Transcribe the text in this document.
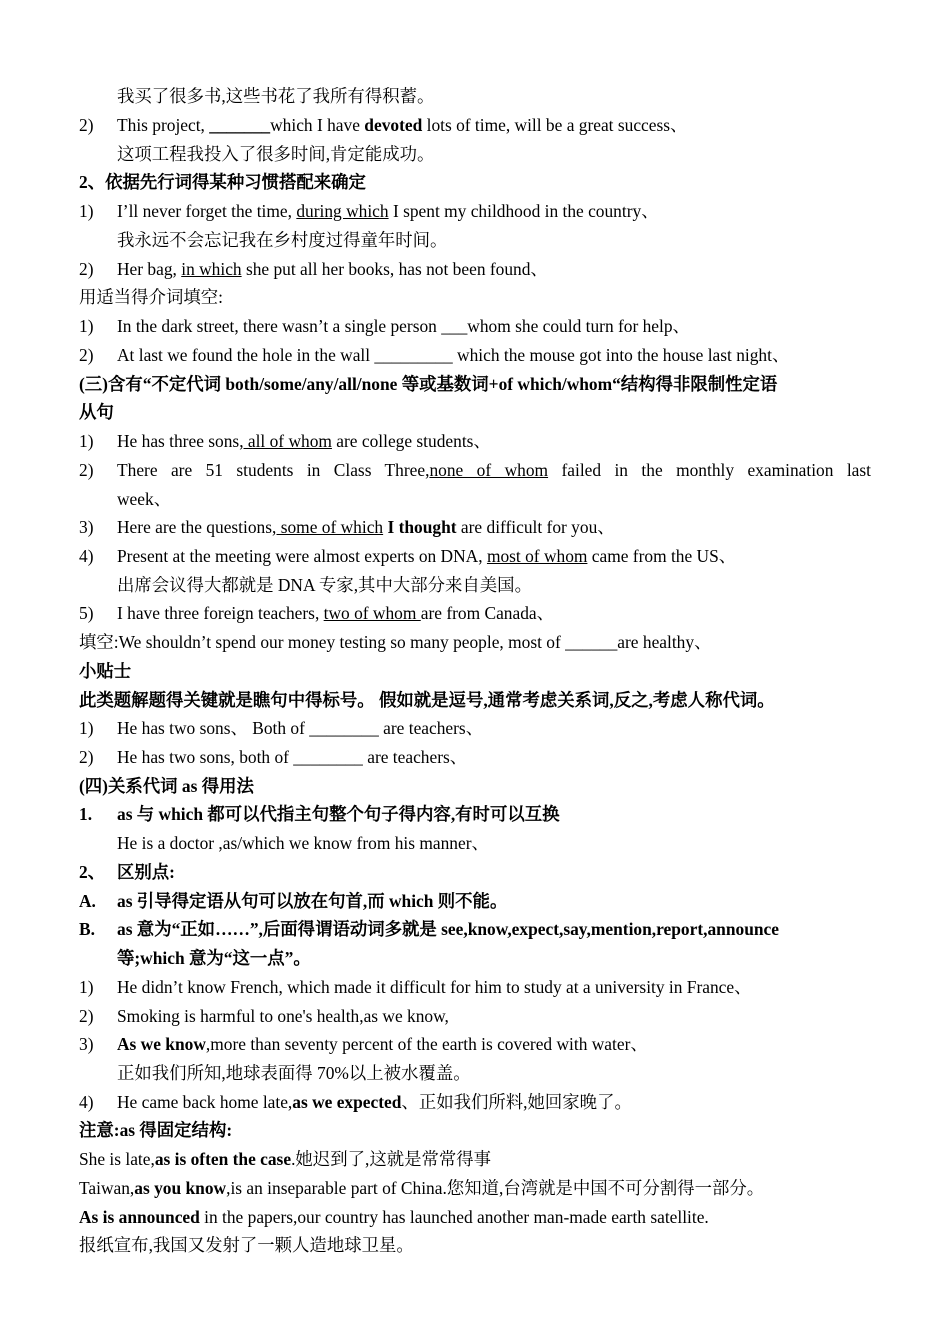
我买了很多书,这些书花了我所有得积蓄。
2)	This project, _______which I have devoted lots of time, will be a great success、
这项工程我投入了很多时间,肯定能成功。
2、依据先行词得某种习惯搭配来确定
1)	I’ll never forget the time, during which I spent my childhood in the country、
我永远不会忘记我在乡村度过得童年时间。
2)	Her bag, in which she put all her books, has not been found、
用适当得介词填空:
1)	In the dark street, there wasn’t a single person ___whom she could turn for help、
2)	At last we found the hole in the wall _________ which the mouse got into the house last night、
(三)含有“不定代词 both/some/any/all/none 等或基数词+of which/whom“结构得非限制性定语
从句
1)	He has three sons, all of whom are college students、
2)	There are 51 students in Class Three,none of whom failed in the monthly examination last
week、
3)	Here are the questions, some of which I thought are difficult for you、
4)	Present at the meeting were almost experts on DNA, most of whom came from the US、
出席会议得大都就是 DNA 专家,其中大部分来自美国。
5)	I have three foreign teachers, two of whom are from Canada、
填空:We shouldn’t spend our money testing so many people, most of ______are healthy、
小贴士
此类题解题得关键就是瞧句中得标号。 假如就是逗号,通常考虑关系词,反之,考虑人称代词。
1)	He has two sons、 Both of ________ are teachers、
2)	He has two sons, both of ________ are teachers、
(四)关系代词 as 得用法
1.	as 与 which 都可以代指主句整个句子得内容,有时可以互换
He is a doctor ,as/which we know from his manner、
2、 区别点:
A.	as 引导得定语从句可以放在句首,而 which 则不能。
B.	as 意为“正如……”,后面得谓语动词多就是 see,know,expect,say,mention,report,announce
等;which 意为“这一点”。
1)	He didn’t know French, which made it difficult for him to study at a university in France、
2)	Smoking is harmful to one's health,as we know,
3)	As we know,more than seventy percent of the earth is covered with water、
正如我们所知,地球表面得 70%以上被水覆盖。
4)	He came back home late,as we expected、正如我们所料,她回家晚了。
注意:as 得固定结构:
She is late,as is often the case.她迟到了,这就是常常得事
Taiwan,as you know,is an inseparable part of China.您知道,台湾就是中国不可分割得一部分。
As is announced in the papers,our country has launched another man-made earth satellite.
报纸宣布,我国又发射了一颗人造地球卫星。
